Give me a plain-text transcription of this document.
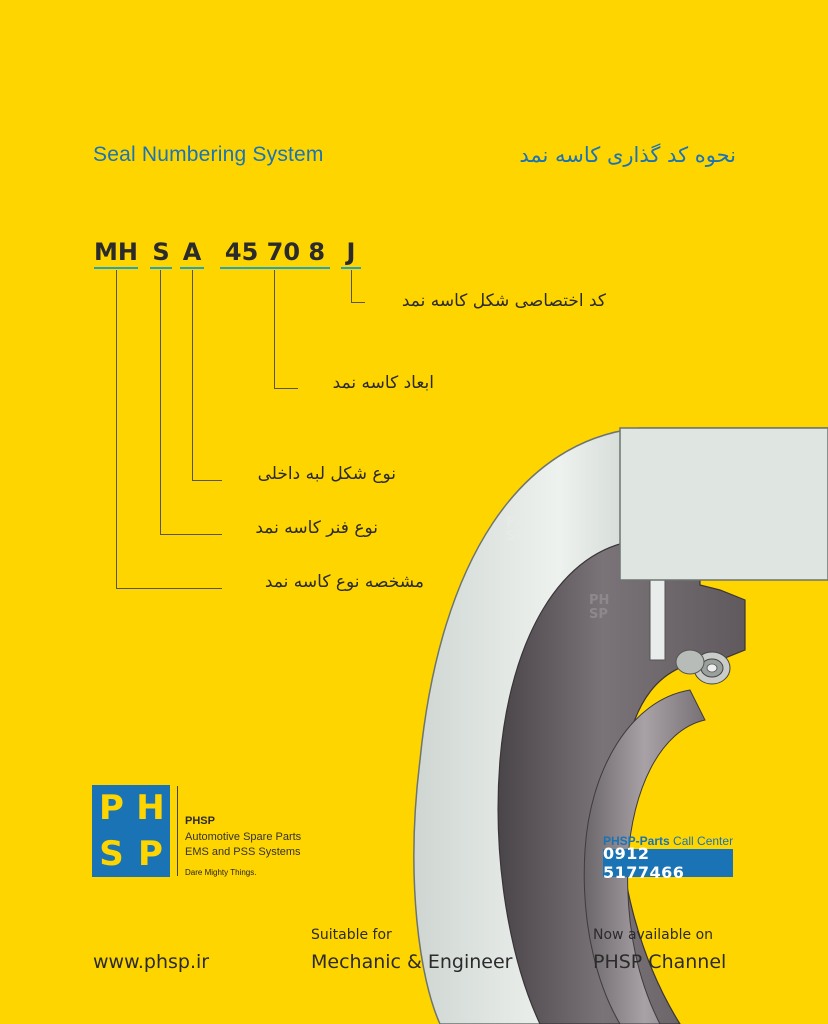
PH
SP
PH
SP
Seal Numbering System	نحوه کد گذاری کاسه نمد
MH S A 45 70 8 J
کد اختصاصی شکل کاسه نمد
ابعاد کاسه نمد
نوع شکل لبه داخلی
نوع فنر کاسه نمد
مشخصه نوع کاسه نمد
P H
S P
PHSP
Automotive Spare Parts
EMS and PSS Systems
Dare Mighty Things.
PHSP-Parts Call Center
0912 5177466
www.phsp.ir
Suitable for
Mechanic & Engineer
Now available on
PHSP Channel
